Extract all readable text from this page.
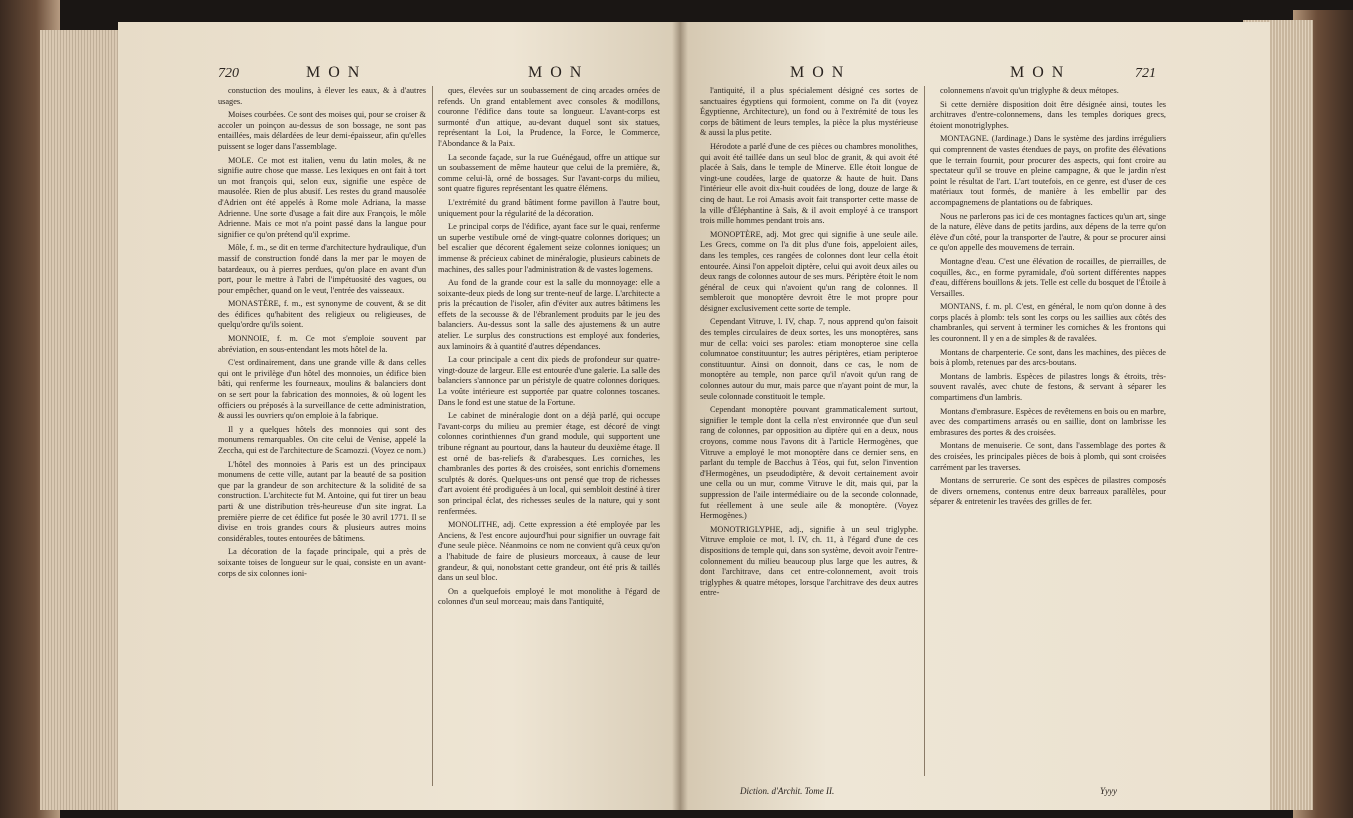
720	MON	MON

constuction des moulins, à élever les eaux, & à d'autres usages.

Moises courbées. Ce sont des moises qui, pour se croiser & accoler un poinçon au-dessus de son bossage, ne sont pas entaillées, mais délardées de leur demi-épaisseur, afin qu'elles puissent se loger dans l'assemblage.

MOLE. Ce mot est italien, venu du latin moles, & ne signifie autre chose que masse. Les lexiques en ont fait à tort un mot françois qui, selon eux, signifie une espèce de mausolée. Rien de plus abusif. Les restes du grand mausolée d'Adrien ont été appelés à Rome mole Adriana, la masse Adrienne. Une sorte d'usage a fait dire aux François, le môle Adrienne. Mais ce mot n'a point passé dans la langue pour signifier ce qu'on prétend qu'il exprime.

Môle, f. m., se dit en terme d'architecture hydraulique, d'un massif de construction fondé dans la mer par le moyen de batardeaux, ou à pierres perdues, qu'on place en avant d'un port, pour le mettre à l'abri de l'impétuosité des vagues, ou pour empêcher, quand on le veut, l'entrée des vaisseaux.

MONASTÈRE, f. m., est synonyme de couvent, & se dit des édifices qu'habitent des religieux ou religieuses, de quelqu'ordre qu'ils soient.

MONNOIE, f. m. Ce mot s'emploie souvent par abréviation, en sous-entendant les mots hôtel de la.

C'est ordinairement, dans une grande ville & dans celles qui ont le privilège d'un hôtel des monnoies, un édifice bien bâti, qui renferme les fourneaux, moulins & balanciers dont on se sert pour la fabrication des monnoies, & où logent les officiers ou préposés à la surveillance de cette administration, & aussi les ouvriers qu'on emploie à la fabrique.

Il y a quelques hôtels des monnoies qui sont des monumens remarquables. On cite celui de Venise, appelé la Zeccha, qui est de l'architecture de Scamozzi. (Voyez ce nom.)

L'hôtel des monnoies à Paris est un des principaux monumens de cette ville, autant par la beauté de sa position que par la grandeur de son architecture & la solidité de sa construction. L'architecte fut M. Antoine, qui fut tirer un beau parti & une distribution très-heureuse d'un site ingrat. La première pierre de cet édifice fut posée le 30 avril 1771. Il se divise en trois grandes cours & plusieurs autres moins considérables, toutes entourées de bâtimens.

La décoration de la façade principale, qui a près de soixante toises de longueur sur le quai, consiste en un avant-corps de six colonnes ioni-

ques, élevées sur un soubassement de cinq arcades ornées de refends. Un grand entablement avec consoles & modillons, couronne l'édifice dans toute sa longueur. L'avant-corps est surmonté d'un attique, au-devant duquel sont six statues, représentant la Loi, la Prudence, la Force, le Commerce, l'Abondance & la Paix.

La seconde façade, sur la rue Guénégaud, offre un attique sur un soubassement de même hauteur que celui de la première, &, comme celui-là, orné de bossages. Sur l'avant-corps du milieu, sont quatre figures représentant les quatre élémens.

L'extrémité du grand bâtiment forme pavillon à l'autre bout, uniquement pour la régularité de la décoration.

Le principal corps de l'édifice, ayant face sur le quai, renferme un superbe vestibule orné de vingt-quatre colonnes doriques; un bel escalier que décorent également seize colonnes ioniques; un immense & précieux cabinet de minéralogie, plusieurs cabinets de machines, des salles pour l'administration & de vastes logemens.

Au fond de la grande cour est la salle du monnoyage: elle a soixante-deux pieds de long sur trente-neuf de large. L'architecte a pris la précaution de l'isoler, afin d'éviter aux autres bâtimens les effets de la secousse & de l'ébranlement produits par le jeu des balanciers. Au-dessus sont la salle des ajustemens & un autre atelier. Le surplus des constructions est employé aux fonderies, aux laminoirs & à quantité d'autres dépendances.

La cour principale a cent dix pieds de profondeur sur quatre-vingt-douze de largeur. Elle est entourée d'une galerie. La salle des balanciers s'annonce par un péristyle de quatre colonnes doriques. La voûte intérieure est supportée par quatre colonnes toscanes. Dans le fond est une statue de la Fortune.

Le cabinet de minéralogie dont on a déjà parlé, qui occupe l'avant-corps du milieu au premier étage, est décoré de vingt colonnes corinthiennes d'un grand module, qui supportent une tribune régnant au pourtour, dans la hauteur du deuxième étage. Il est orné de bas-reliefs & d'arabesques. Les corniches, les chambranles des portes & des croisées, sont enrichis d'ornemens sculptés & dorés. Quelques-uns ont pensé que trop de richesses d'art avoient été prodiguées à un local, qui sembloit destiné à tirer son principal éclat, des richesses seules de la nature, qui y sont renfermées.

MONOLITHE, adj. Cette expression a été employée par les Anciens, & l'est encore aujourd'hui pour signifier un ouvrage fait d'une seule pièce. Néanmoins ce nom ne convient qu'à ceux qu'on a l'habitude de faire de plusieurs morceaux, à cause de leur grandeur, & qui, nonobstant cette grandeur, ont été pris & taillés dans un seul bloc.

On a quelquefois employé le mot monolithe à l'égard de colonnes d'un seul morceau; mais dans l'antiquité,

MON	MON	721

l'antiquité, il a plus spécialement désigné ces sortes de sanctuaires égyptiens qui formoient, comme on l'a dit (voyez Égyptienne, Architecture), un fond ou à l'extrémité de tous les corps de bâtiment de leurs temples, la pièce la plus mystérieuse & aussi la plus petite.

Hérodote a parlé d'une de ces pièces ou chambres monolithes, qui avoit été taillée dans un seul bloc de granit, & qui avoit été placée à Saïs, dans le temple de Minerve. Elle étoit longue de vingt-une coudées, large de quatorze & haute de huit. Dans l'intérieur elle avoit dix-huit coudées de long, douze de large & cinq de haut. Le roi Amasis avoit fait transporter cette masse de la ville d'Éléphantine à Saïs, & il avoit employé à ce transport trois mille hommes pendant trois ans.

MONOPTÈRE, adj. Mot grec qui signifie à une seule aile. Les Grecs, comme on l'a dit plus d'une fois, appeloient ailes, dans les temples, ces rangées de colonnes dont leur cella étoit entourée. Ainsi l'on appeloit diptère, celui qui avoit deux ailes ou deux rangs de colonnes autour de ses murs. Périptère étoit le nom général de ceux qui n'avoient qu'un rang de colonnes. Il sembleroit que monoptère devroit être le mot propre pour désigner exclusivement cette sorte de temple.

Cependant Vitruve, l. IV, chap. 7, nous apprend qu'on faisoit des temples circulaires de deux sortes, les uns monoptères, sans mur de cella: voici ses paroles: etiam monopteroe sine cella columnatoe constituuntur; les autres périptères, etiam peripteroe constituuntur. Ainsi on donnoit, dans ce cas, le nom de monoptère au temple, non parce qu'il n'avoit qu'un rang de colonnes autour du mur, mais parce que n'ayant point de mur, la seule colonnade constituoit le temple.

Cependant monoptère pouvant grammaticalement surtout, signifier le temple dont la cella n'est environnée que d'un seul rang de colonnes, par opposition au diptère qui en a deux, nous croyons, comme nous l'avons dit à l'article Hermogènes, que Vitruve a employé le mot monoptère dans ce dernier sens, en parlant du temple de Bacchus à Téos, qui fut, selon l'invention d'Hermogènes, un pseudodiptère, & devoit certainement avoir une cella ou un mur, comme Vitruve le dit, mais qui, par la suppression de l'aile intermédiaire ou de la seconde colonnade, fut réellement à une seule aile & monoptère. (Voyez Hermogènes.)

MONOTRIGLYPHE, adj., signifie à un seul triglyphe. Vitruve emploie ce mot, l. IV, ch. 11, à l'égard d'une de ces dispositions de temple qui, dans son système, devoit avoir l'entre-colonnement du milieu beaucoup plus large que les autres, & dont l'architrave, dans cet entre-colonnement, avoit trois triglyphes & quatre métopes, lorsque l'architrave des deux autres entre-

colonnemens n'avoit qu'un triglyphe & deux métopes.

Si cette dernière disposition doit être désignée ainsi, toutes les architraves d'entre-colonnemens, dans les temples doriques grecs, étoient monotriglyphes.

MONTAGNE. (Jardinage.) Dans le système des jardins irréguliers qui comprennent de vastes étendues de pays, on profite des élévations que le terrain fournit, pour procurer des aspects, qui font croire au spectateur qu'il se trouve en pleine campagne, & que le jardin n'est point le résultat de l'art. L'art toutefois, en ce genre, est d'user de ces matériaux tout formés, de manière à les embellir par des accompagnemens de plantations ou de fabriques.

Nous ne parlerons pas ici de ces montagnes factices qu'un art, singe de la nature, élève dans de petits jardins, aux dépens de la terre qu'on élève d'un côté, pour la transporter de l'autre, & pour se procurer ainsi ce qu'on appelle des mouvemens de terrain.

Montagne d'eau. C'est une élévation de rocailles, de pierrailles, de coquilles, &c., en forme pyramidale, d'où sortent différentes nappes d'eau, différens bouillons & jets. Telle est celle du bosquet de l'Étoile à Versailles.

MONTANS, f. m. pl. C'est, en général, le nom qu'on donne à des corps placés à plomb: tels sont les corps ou les saillies aux côtés des chambranles, qui servent à terminer les corniches & les frontons qui les couronnent. Il y en a de simples & de ravalées.

Montans de charpenterie. Ce sont, dans les machines, des pièces de bois à plomb, retenues par des arcs-boutans.

Montans de lambris. Espèces de pilastres longs & étroits, très-souvent ravalés, avec chute de festons, & servant à séparer les compartimens d'un lambris.

Montans d'embrasure. Espèces de revêtemens en bois ou en marbre, avec des compartimens arrasés ou en saillie, dont on lambrisse les embrasures des portes & des croisées.

Montans de menuiserie. Ce sont, dans l'assemblage des portes & des croisées, les principales pièces de bois à plomb, qui sont croisées carrément par les traverses.

Montans de serrurerie. Ce sont des espèces de pilastres composés de divers ornemens, contenus entre deux barreaux parallèles, pour séparer & entretenir les travées des grilles de fer.

Diction. d'Archit. Tome II.	Yyyy
